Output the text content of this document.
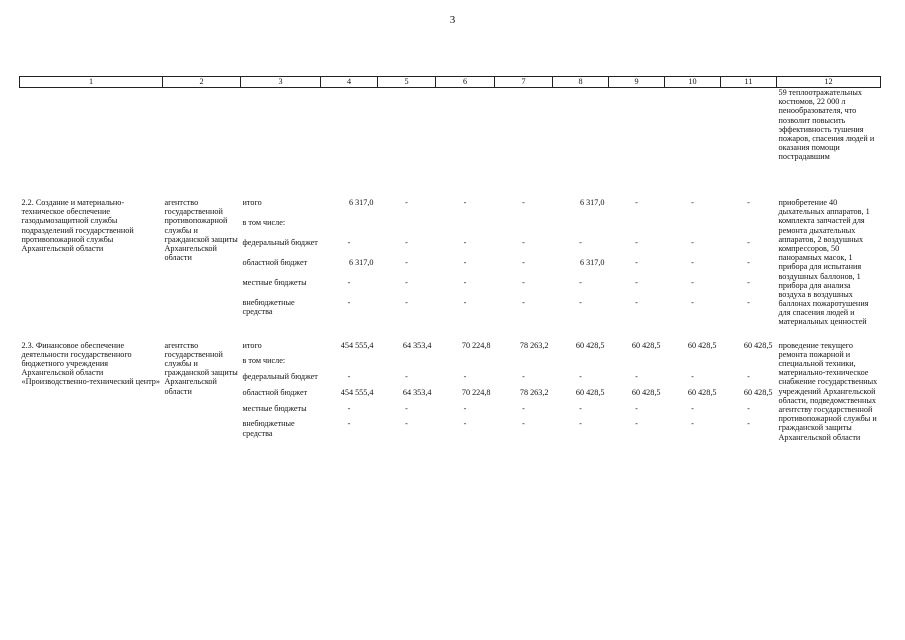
3
1	2	3	4	5	6	7	8	9	10	11	12
											59 теплоотражательных костюмов, 22 000 л пенообразователя, что позволит повысить эффективность тушения пожаров, спасения людей и оказания помощи пострадавшим
2.2. Создание и материально-техническое обеспечение газодымозащитной службы подразделений государственной противопожарной службы Архангельской области	агентство государственной противопожарной службы и гражданской защиты Архангельской области	итого	6 317,0	-	-	-	6 317,0	-	-	-	приобретение 40 дыхательных аппаратов, 1 комплекта запчастей для ремонта дыхательных аппаратов, 2 воздушных компрессоров, 50 панорамных масок, 1 прибора для испытания воздушных баллонов, 1 прибора для анализа воздуха в воздушных баллонах пожаротушения для спасения людей и материальных ценностей
		в том числе:									
		федеральный бюджет	-	-	-	-	-	-	-	-	
		областной бюджет	6 317,0	-	-	-	6 317,0	-	-	-	
		местные бюджеты	-	-	-	-	-	-	-	-	
		внебюджетные средства	-	-	-	-	-	-	-	-	

2.3. Финансовое обеспечение деятельности государственного бюджетного учреждения Архангельской области «Производственно-технический центр»	агентство государственной службы и гражданской защиты Архангельской области	итого	454 555,4	64 353,4	70 224,8	78 263,2	60 428,5	60 428,5	60 428,5	60 428,5	проведение текущего ремонта пожарной и специальной техники, материально-техническое снабжение государственных учреждений Архангельской области, подведомственных агентству государственной противопожарной службы и гражданской защиты Архангельской области
		в том числе:									
		федеральный бюджет	-	-	-	-	-	-	-	-	
		областной бюджет	454 555,4	64 353,4	70 224,8	78 263,2	60 428,5	60 428,5	60 428,5	60 428,5	
		местные бюджеты	-	-	-	-	-	-	-	-	
		внебюджетные средства	-	-	-	-	-	-	-	-	
